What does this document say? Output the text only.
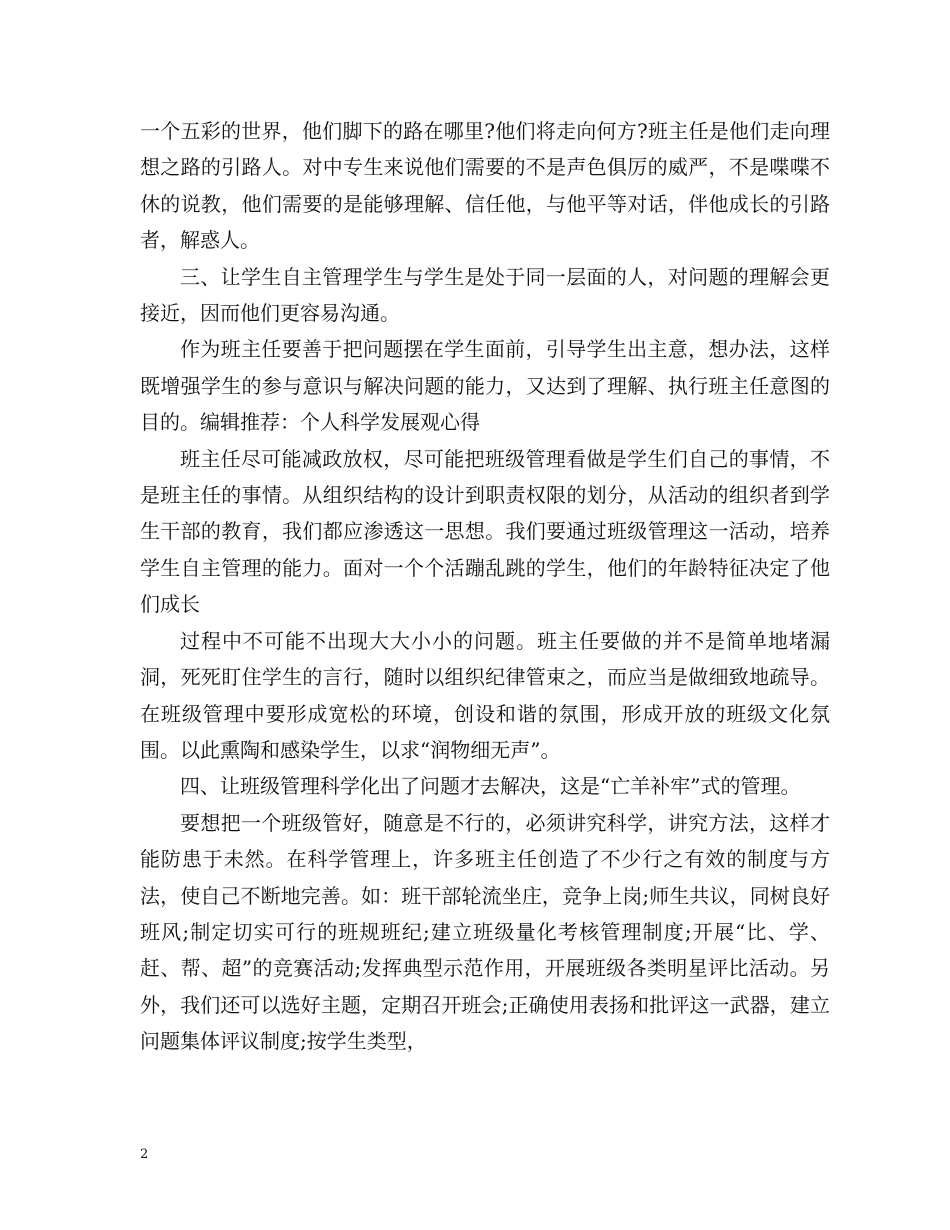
一个五彩的世界，他们脚下的路在哪里?他们将走向何方?班主任是他们走向理想之路的引路人。对中专生来说他们需要的不是声色俱厉的威严，不是喋喋不休的说教，他们需要的是能够理解、信任他，与他平等对话，伴他成长的引路者，解惑人。

三、让学生自主管理学生与学生是处于同一层面的人，对问题的理解会更接近，因而他们更容易沟通。

作为班主任要善于把问题摆在学生面前，引导学生出主意，想办法，这样既增强学生的参与意识与解决问题的能力，又达到了理解、执行班主任意图的目的。编辑推荐：个人科学发展观心得

班主任尽可能减政放权，尽可能把班级管理看做是学生们自己的事情，不是班主任的事情。从组织结构的设计到职责权限的划分，从活动的组织者到学生干部的教育，我们都应渗透这一思想。我们要通过班级管理这一活动，培养学生自主管理的能力。面对一个个活蹦乱跳的学生，他们的年龄特征决定了他们成长

过程中不可能不出现大大小小的问题。班主任要做的并不是简单地堵漏洞，死死盯住学生的言行，随时以组织纪律管束之，而应当是做细致地疏导。在班级管理中要形成宽松的环境，创设和谐的氛围，形成开放的班级文化氛围。以此熏陶和感染学生，以求“润物细无声”。

四、让班级管理科学化出了问题才去解决，这是“亡羊补牢”式的管理。

要想把一个班级管好，随意是不行的，必须讲究科学，讲究方法，这样才能防患于未然。在科学管理上，许多班主任创造了不少行之有效的制度与方法，使自己不断地完善。如：班干部轮流坐庄，竞争上岗;师生共议，同树良好班风;制定切实可行的班规班纪;建立班级量化考核管理制度;开展“比、学、赶、帮、超”的竞赛活动;发挥典型示范作用，开展班级各类明星评比活动。另外，我们还可以选好主题，定期召开班会;正确使用表扬和批评这一武器，建立问题集体评议制度;按学生类型，

2
